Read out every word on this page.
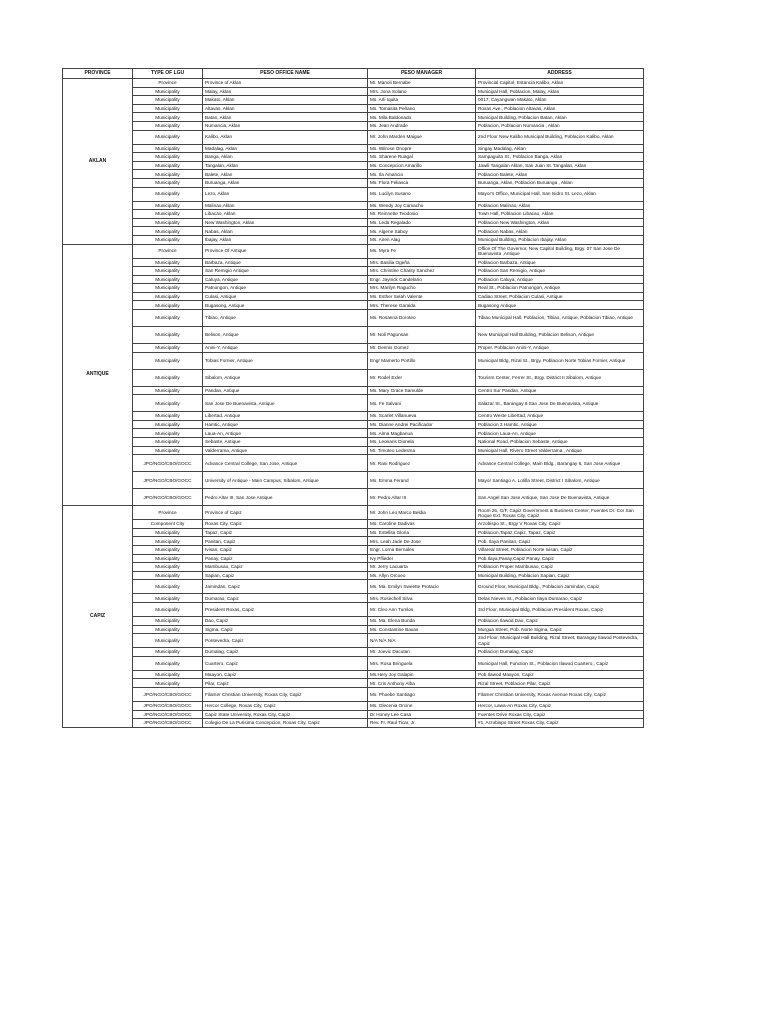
PROVINCE	TYPE OF LGU	PESO OFFICE NAME	PESO MANAGER	ADDRESS
AKLAN	Province	Province of Aklan	Mr. Manoli Bernabe	Provincial Capitol, Estancia Kalibo, Aklan
	Municipality	Malay, Aklan	Mrs. Jona Solano	Municipal Hall, Poblacion, Malay, Aklan
	Municipality	Makato, Aklan	Ms. Arli Iquita	0017, Cayangwan Makato, Aklan
	Municipality	Altavas, Aklan	Ms. Tomasita Peñano	Roxas Ave., Poblacion Altavas, Aklan
	Municipality	Batan, Aklan	Ms. Mila Baldonado	Municipal Building, Poblacion Batan, Aklan
	Municipality	Numancia, Aklan	Ms. Jean Andrade	Poblacion, Poblacion Numancia , Aklan
	Municipality	Kalibo, Aklan	Mr. John Marden Maigue	2nd Floor New Kalibo Municipal Building, Poblacion Kalibo, Aklan
	Municipality	Madalag, Aklan	Ms. Wilrose Onopre	Singay Madalag, Aklan
	Municipality	Banga, Aklan	Ms. Sharene Ruagal	Sampaguita St., Poblacion Banga, Aklan
	Municipality	Tangalan, Aklan	Ms. Concepcion Amarillo	Jawili Tangalan Aklan, San Juan St. Tangalan, Aklan
	Municipality	Balete, Aklan	Ms. Ila Amancio	Poblacion Balete, Aklan
	Municipality	Buruanga, Aklan	Ms. Flora Feliasca	Buruanga, Aklan, Poblacion Buruanga , Aklan
	Municipality	Lezo, Aklan	Ms. Lucilyn Susano	Mayor's Office, Municipal Hall, San Isidro St. Lezo, Aklan
	Municipality	Malinao,Aklan	Ms. Wendy Joy Camacho	Poblacion Malinao, Aklan
	Municipality	Libacao, Aklan	Mr. Reinnette Teodosio	Town Hall, Poblacion Libacao, Aklan
	Municipality	New Washington, Aklan	Ms. Leda Regalado	Poblacion New Washington, Aklan
	Municipality	Nabas, Aklan	Ms. Algene Saboy	Poblacion Nabas, Aklan
	Municipality	Ibajay, Aklan	Ms. Airen Alag	Municipal Building, Poblacion Ibajay, Aklan
ANTIQUE	Province	Province Of Antique	Ms. Myra Fe	Office Of The Governor, New Capitol Building, Brgy. 07 San Jose De Buenavista ,Antique
	Municipality	Barbaza, Antique	Mrs. Basilia Ogeña	Poblacion Barbaza, Antique
	Municipality	San Remigio Antique	Mrs. Christine Charity Sanchez	Poblacion San Remigio, Antique
	Municipality	Caluya, Antique	Engr. Jaynick Candelario	Poblacion Caluya, Antique
	Municipality	Patnongon, Antique	Mrs. Marilyn Ragucho	Real St., Poblacion Patnongon, Antique
	Municipality	Culasi, Antique	Ms. Esther Selah Valente	Cadiao Street, Poblacion Culasi, Antique
	Municipality	Bugasong, Antique	Mrs. Therese Garalda	Bugasong Antique
	Municipality	Tibiao, Antique	Ms. Rosanna Doroteo	Tibiao Municipal Hall, Poblacion, Tibiao, Antique, Poblacion Tibiao, Antique
	Municipality	Belison, Antique	Mr. Noli Pagunsan	New Municipal Hall Building, Poblacion Belison, Antique
	Municipality	Anini-Y, Antique	Mr. Dennis Gomez	Proper, Poblacion Anini-Y, Antique
	Municipality	Tobias Fornier, Antique	Engr Mamerto Portillo	Municipal Bldg, Rizal St., Brgy. Poblacion Norte Tobias Fornier, Antique
	Municipality	Sibalom, Antique	Mr. Rodel Exler	Tourism Center, Ferrer St., Brgy. District II Sibalom, Antique
	Municipality	Pandan, Antique	Ms. Mary Grace Samulde	Centro Sur Pandan, Antique
	Municipality	San Jose De Buenavista, Antique	Ms. Fe Salvani	Salazar St., Barangay 6 San Jose De Buenavista, Antique
	Municipality	Libertad, Antique	Ms. Scarlet Villanueva	Centro Weste Libertad, Antique
	Municipality	Hamtic, Antique	Ms. Dianne Andrei Pacificador	Poblacion 3 Hamtic, Antique
	Municipality	Laua-An, Antique	Ms. Alma Magbanua	Poblacion Laua-An, Antique
	Municipality	Sebaste, Antique	Ms. Leonaris Dionela	National Road, Poblacion Sebaste, Antique
	Municipality	Valderrama, Antique	Mr. Timoteo Ledesma	Municipal Hall, Rivero Street Valderrama , Antique
	JPO/NGO/CBO/GOCC	Advance Central College, San Jose, Antique	Mr. Rani Rodriguez	Advance Central College, Main Bldg., Barangay 6, San Jose Antique
	JPO/NGO/CBO/GOCC	University of Antique - Main Campus, Sibalom, Antique	Ms. Emma Ferand	Mayor Santiago A. Lotilla Street, District I Sibalom, Antique
	JPO/NGO/CBO/GOCC	Pedro Altar III, San Jose Antique	Mr. Pedro Altar III	San Angel San Jose Antique, San Jose De Buenavista, Antique
CAPIZ	Province	Province of Capiz	Mr. John Leo Marco Beldia	Room 26, G/F, Capiz Government & Business Center, Fuentes Dr. Cor San Roque Ext. Roxas City, Capiz
	Component City	Roxas City, Capiz	Ms. Caroline Dadivas	Arzobispo St., Brgy V Roxas City, Capiz
	Municipality	Tapaz, Capiz	Ms. Estellita Gloria	Poblacion,Tapaz,Capiz, Tapaz, Capiz
	Municipality	Panitan, Capiz	Mrs. Leah Jade De Jose	Pob. Ilaya Panitan, Capiz
	Municipality	Ivisan, Capiz	Engr. Lorna Bernales	Villareal Street, Poblacion Norte Ivisan, Capiz
	Municipality	Panay, Capiz	Ivy Pflieder	Pob.Ilaya,Panay,Capiz Panay, Capiz
	Municipality	Mambusao, Capiz	Mr. Jerry Lacuarta	Poblacion Proper Mambusao, Capiz
	Municipality	Sapian, Capiz	Ms. Allyn Orcoeo	Municipal Building, Poblacion Sapian, Capiz
	Municipality	Jamindan, Capiz	Ms. Ma. Emilyn Sweette Protacio	Ground Floor, Municipal Bldg., Poblacion Jamindan, Capiz
	Municipality	Dumarao, Capiz	Mrs. Rosechell Silva	Delas Nieves St., Poblacion Ilaya Dumarao, Capiz
	Municipality	President Roxas, Capiz	Mr. Cleo Ann Tumlos	3rd Floor, Municipal Bldg, Poblacion President Roxas, Capiz
	Municipality	Dao, Capiz	Ms. Ma. Elena Bunda	Poblacion Ilawod Dao, Capiz
	Municipality	Sigma, Capiz	Ms. Constantine Baxas	Murgua Street, Pob. Norte Sigma, Capiz
	Municipality	Pontevedra, Capiz	N/A N/A N/A	2nd Floor, Municipal Hall Building, Rizal Street, Barangay Ilawod Pontevedra, Capiz
	Municipality	Dumalag, Capiz	Mr. Joevic Dacutan	Poblacion Dumalag, Capiz
	Municipality	Cuartero, Capiz	Mrs. Rosa Bringuela	Municipal Hall, Function St., Poblacion Ilawod Cuartero,, Capiz
	Municipality	Maayon, Capiz	Ms.Hery Joy Galapin	Pob.Ilawod Maayon, Capiz
	Municipality	Pilar, Capiz	Mr. Cris Anthony Alba	Rizal Street, Poblacion Pilar, Capiz
	JPO/NGO/CBO/GOCC	Filamer Christian University, Roxas City, Capiz	Ms. Phoebe Santiago	Filamer Christian University, Roxas Avenue Roxas City, Capiz
	JPO/NGO/CBO/GOCC	Hercor College, Roxas City, Capiz	Ms. Glecenia Orcine	Hercor, Lawa-An Roxas City, Capiz
	JPO/NGO/CBO/GOCC	Capiz State University, Roxas City, Capiz	Dr Honey Lee Casa	Fuentes Drive Roxas City, Capiz
	JPO/NGO/CBO/GOCC	Colegio De La Purisima Concepcion, Roxas City, Capiz	Rev. Fr. Raul Ticar, Jr.	#1, Arzobispo Street Roxas City, Capiz
